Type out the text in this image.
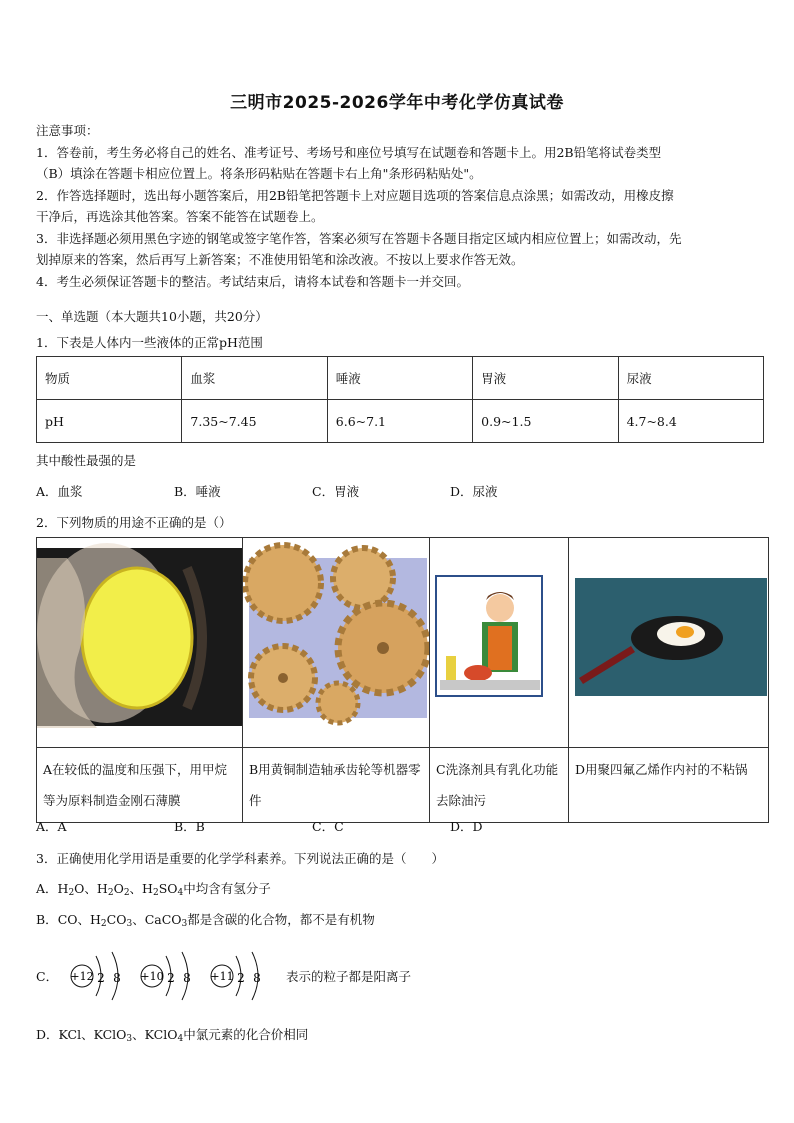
三明市2025-2026学年中考化学仿真试卷

注意事项：

1．答卷前，考生务必将自己的姓名、准考证号、考场号和座位号填写在试题卷和答题卡上。用2B铅笔将试卷类型

（B）填涂在答题卡相应位置上。将条形码粘贴在答题卡右上角"条形码粘贴处"。

2．作答选择题时，选出每小题答案后，用2B铅笔把答题卡上对应题目选项的答案信息点涂黑；如需改动，用橡皮擦

干净后，再选涂其他答案。答案不能答在试题卷上。

3．非选择题必须用黑色字迹的钢笔或签字笔作答，答案必须写在答题卡各题目指定区域内相应位置上；如需改动，先

划掉原来的答案，然后再写上新答案；不准使用铅笔和涂改液。不按以上要求作答无效。

4．考生必须保证答题卡的整洁。考试结束后，请将本试卷和答题卡一并交回。

一、单选题（本大题共10小题，共20分）
1．下表是人体内一些液体的正常pH范围
物质	血浆	唾液	胃液	尿液
pH	7.35~7.45	6.6~7.1	0.9~1.5	4.7~8.4
其中酸性最强的是
A．血浆	B．唾液	C．胃液	D．尿液
2．下列物质的用途不正确的是（）

A在较低的温度和压强下，用甲烷等为原料制造金刚石薄膜	B用黄铜制造轴承齿轮等机器零件	C洗涤剂具有乳化功能去除油污	D用聚四氟乙烯作内衬的不粘锅
A．A	B．B	C．C	D．D
3．正确使用化学用语是重要的化学学科素养。下列说法正确的是（　　）
A．$H_2O$、$H_2O_2$、$H_2SO_4$中均含有氢分子
B．CO、$H_2CO_3$、CaCO$_3$都是含碳的化合物，都不是有机物
C．	+12 2 8 +10 2 8 +11 2 8 表示的粒子都是阳离子
D．KCl、KClO$_3$、KClO$_4$中氯元素的化合价相同
